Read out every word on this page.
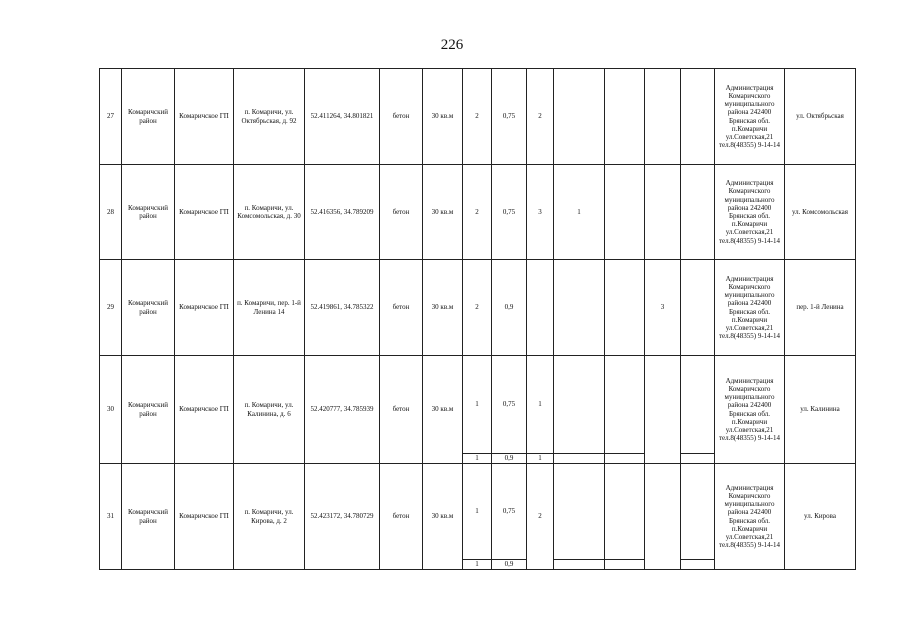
226
27	Комаричский район	Комаричское ГП	п. Комаричи, ул. Октябрьская, д. 92	52.411264, 34.801821	бетон	30 кв.м	2	0,75	2					Администрация Комаричского муниципального района 242400 Брянская обл. п.Комаричи ул.Советская,21 тел.8(48355) 9-14-14	ул. Октябрьская
28	Комаричский район	Комаричское ГП	п. Комаричи, ул. Комсомольская, д. 30	52.416356, 34.789209	бетон	30 кв.м	2	0,75	3	1				Администрация Комаричского муниципального района 242400 Брянская обл. п.Комаричи ул.Советская,21 тел.8(48355) 9-14-14	ул. Комсомольская
29	Комаричский район	Комаричское ГП	п. Комаричи, пер. 1-й Ленина 14	52.419861, 34.785322	бетон	30 кв.м	2	0,9				3		Администрация Комаричского муниципального района 242400 Брянская обл. п.Комаричи ул.Советская,21 тел.8(48355) 9-14-14	пер. 1-й Ленина
30	Комаричский район	Комаричское ГП	п. Комаричи, ул. Калинина, д. 6	52.420777, 34.785939	бетон	30 кв.м	1	0,75	1					Администрация Комаричского муниципального района 242400 Брянская обл. п.Комаричи ул.Советская,21 тел.8(48355) 9-14-14	ул. Калинина
							1	0,9	1						
31	Комаричский район	Комаричское ГП	п. Комаричи, ул. Кирова, д. 2	52.423172, 34.780729	бетон	30 кв.м	1	0,75	2					Администрация Комаричского муниципального района 242400 Брянская обл. п.Комаричи ул.Советская,21 тел.8(48355) 9-14-14	ул. Кирова
							1	0,9							
